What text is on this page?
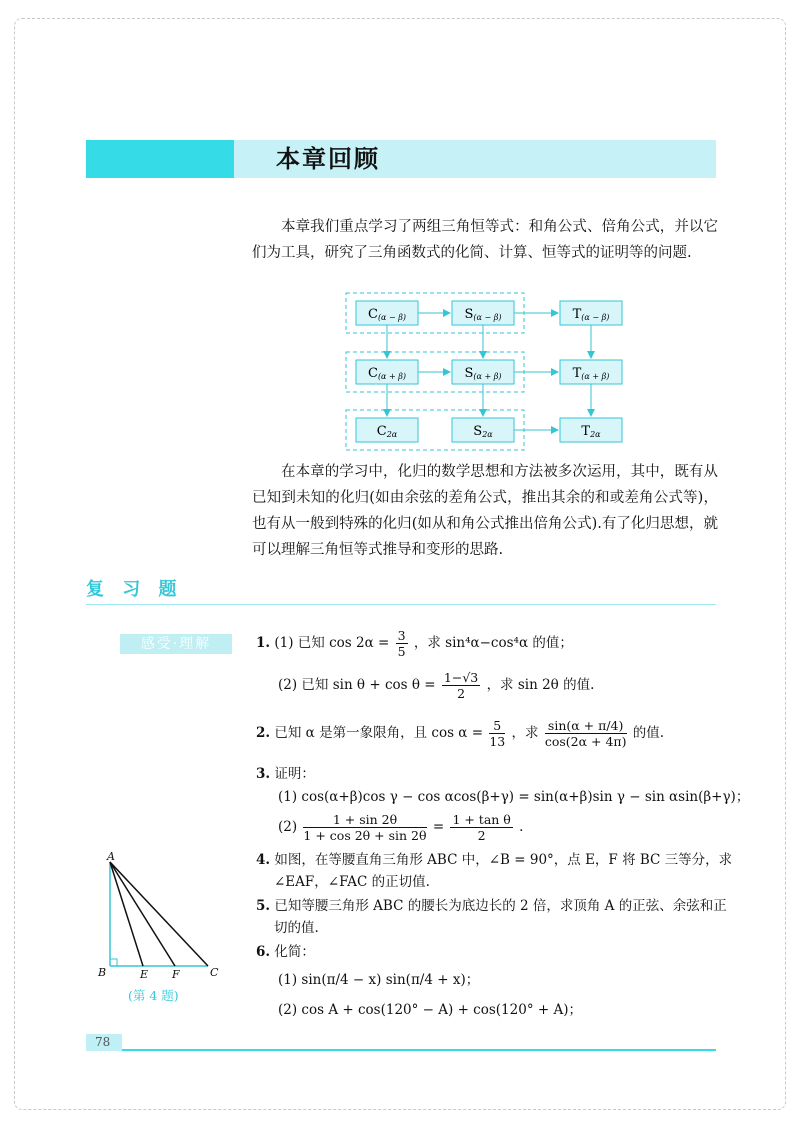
本章回顾

本章我们重点学习了两组三角恒等式：和角公式、倍角公式，并以它们为工具，研究了三角函数式的化简、计算、恒等式的证明等的问题.

C(α − β)	S(α − β)	T(α − β)
C(α + β)	S(α + β)	T(α + β)
C2α	S2α	T2α

在本章的学习中，化归的数学思想和方法被多次运用，其中，既有从已知到未知的化归(如由余弦的差角公式，推出其余的和或差角公式等)，也有从一般到特殊的化归(如从和角公式推出倍角公式).有了化归思想，就可以理解三角恒等式推导和变形的思路.

复 习 题
感受·理解	1. (1) 已知 $\cos 2\alpha = \frac{3}{5}$ ，求 sin⁴α−cos⁴α 的值；
(2) 已知 $\sin \theta + \cos \theta = \frac{1-√3}{2}$ ，求 sin 2θ 的值.
2. 已知 α 是第一象限角，且 $\cos \alpha = \frac{5}{13}$ ，求 $\frac{\sin(\alpha + \pi/4)}{\cos(2\alpha + 4\pi)}$ 的值.
3. 证明：
(1) cos(α+β)cos γ − cos αcos(β+γ) = sin(α+β)sin γ − sin αsin(β+γ)；
$(2) \frac{1 + \sin 2\theta}{1 + \cos 2\theta + \sin 2\theta} = \frac{\text{1 + tan θ}}{2}$ .
4. 如图，在等腰直角三角形 ABC 中，∠B = 90°，点 E，F 将 BC 三等分，求
∠EAF，∠FAC 的正切值.
5. 已知等腰三角形 ABC 的腰长为底边长的 2 倍，求顶角 A 的正弦、余弦和正
切的值.
6. 化简：
(1) sin(π/4 − x) sin(π/4 + x)；
(2) cos A + cos(120° − A) + cos(120° + A)；
A
B	E F	C
(第 4 题)
78
